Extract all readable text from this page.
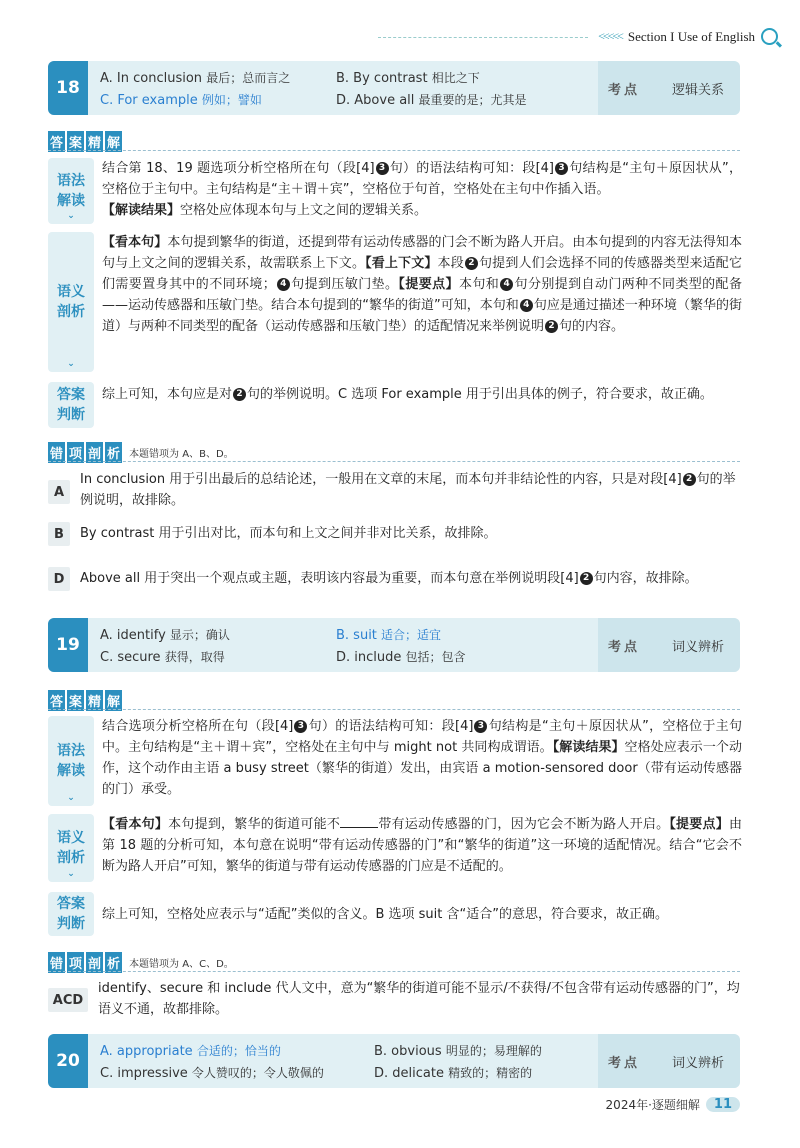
<<<<< Section I Use of English
18	A. In conclusion 最后；总而言之	B. By contrast 相比之下
C. For example 例如；譬如	D. Above all 最重要的是；尤其是
考点 逻辑关系
答 案 精 解
语法解读
⌄
结合第 18、19 题选项分析空格所在句（段[4] 3 句）的语法结构可知：段[4] 3 句结构是“主句＋原因状从”，空格位于主句中。主句结构是“主＋谓＋宾”，空格位于句首，空格处在主句中作插入语。
【解读结果】空格处应体现本句与上文之间的逻辑关系。
语义剖析
⌄
【看本句】本句提到繁华的街道，还提到带有运动传感器的门会不断为路人开启。由本句提到的内容无法得知本句与上文之间的逻辑关系，故需联系上下文。【看上下文】本段 2 句提到人们会选择不同的传感器类型来适配它们需要置身其中的不同环境； 4 句提到压敏门垫。【提要点】本句和 4 句分别提到自动门两种不同类型的配备——运动传感器和压敏门垫。结合本句提到的“繁华的街道”可知，本句和 4 句应是通过描述一种环境（繁华的街道）与两种不同类型的配备（运动传感器和压敏门垫）的适配情况来举例说明 2 句的内容。
答案判断
综上可知，本句应是对 2 句的举例说明。C 选项 For example 用于引出具体的例子，符合要求，故正确。
错 项 剖 析 本题错项为 A、B、D。
A
In conclusion 用于引出最后的总结论述，一般用在文章的末尾，而本句并非结论性的内容，只是对段[4] 2 句的举例说明，故排除。
B	By contrast 用于引出对比，而本句和上文之间并非对比关系，故排除。
D	Above all 用于突出一个观点或主题，表明该内容最为重要，而本句意在举例说明段[4] 2 句内容，故排除。
19	A. identify 显示；确认	B. suit 适合；适宜
C. secure 获得，取得	D. include 包括；包含
考点 词义辨析
答 案 精 解
语法解读
⌄
结合选项分析空格所在句（段[4] 3 句）的语法结构可知：段[4] 3 句结构是“主句＋原因状从”，空格位于主句中。主句结构是“主＋谓＋宾”，空格处在主句中与 might not 共同构成谓语。【解读结果】空格处应表示一个动作，这个动作由主语 a busy street（繁华的街道）发出，由宾语 a motion-sensored door（带有运动传感器的门）承受。
语义剖析
⌄
【看本句】本句提到，繁华的街道可能不	带有运动传感器的门，因为它会不断为路人开启。【提要点】由第 18 题的分析可知，本句意在说明“带有运动传感器的门”和“繁华的街道”这一环境的适配情况。结合“它会不断为路人开启”可知，繁华的街道与带有运动传感器的门应是不适配的。
答案判断
综上可知，空格处应表示与“适配”类似的含义。B 选项 suit 含“适合”的意思，符合要求，故正确。
错 项 剖 析 本题错项为 A、C、D。
ACD
identify、secure 和 include 代人文中，意为“繁华的街道可能不显示/不获得/不包含带有运动传感器的门”，均语义不通，故都排除。
20	A. appropriate 合适的；恰当的	B. obvious 明显的；易理解的
C. impressive 令人赞叹的；令人敬佩的	D. delicate 精致的；精密的
考点 词义辨析
2024年·逐题细解	11
